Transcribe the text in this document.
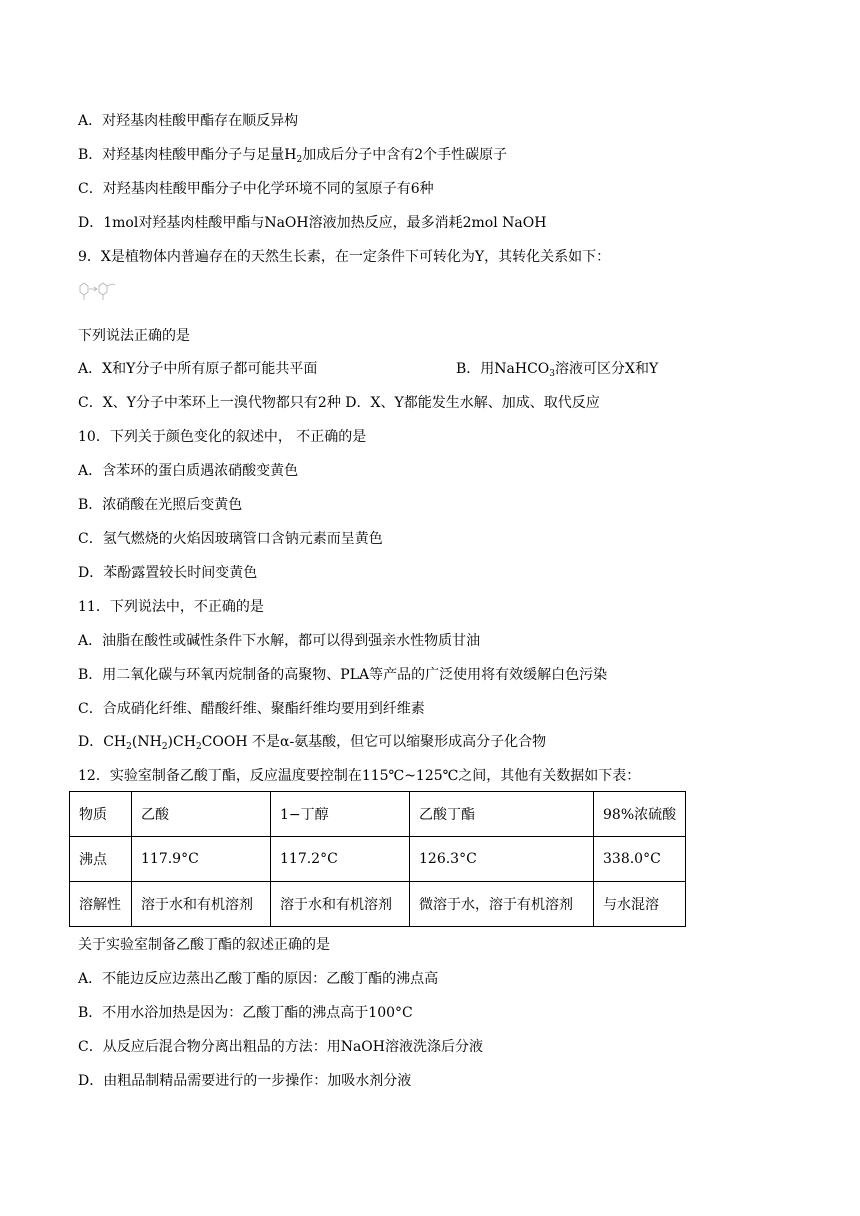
A．对羟基肉桂酸甲酯存在顺反异构
B．对羟基肉桂酸甲酯分子与足量$H_2$加成后分子中含有2个手性碳原子
C．对羟基肉桂酸甲酯分子中化学环境不同的氢原子有6种
D．1mol对羟基肉桂酸甲酯与NaOH溶液加热反应，最多消耗2mol NaOH
9．X是植物体内普遍存在的天然生长素，在一定条件下可转化为Y，其转化关系如下：
下列说法正确的是
A．X和Y分子中所有原子都可能共平面	B．用NaHCO$_3$溶液可区分X和Y
C．X、Y分子中苯环上一溴代物都只有2种 D．X、Y都能发生水解、加成、取代反应
10．下列关于颜色变化的叙述中， 不正确的是
A．含苯环的蛋白质遇浓硝酸变黄色
B．浓硝酸在光照后变黄色
C．氢气燃烧的火焰因玻璃管口含钠元素而呈黄色
D．苯酚露置较长时间变黄色
11．下列说法中，不正确的是
A．油脂在酸性或碱性条件下水解，都可以得到强亲水性物质甘油
B．用二氧化碳与环氧丙烷制备的高聚物、PLA等产品的广泛使用将有效缓解白色污染
C．合成硝化纤维、醋酸纤维、聚酯纤维均要用到纤维素
D．$CH_2(NH_2)CH_2COOH$ 不是α-氨基酸，但它可以缩聚形成高分子化合物
12．实验室制备乙酸丁酯，反应温度要控制在115℃~125℃之间，其他有关数据如下表：
物质	乙酸	1−丁醇	乙酸丁酯	98%浓硫酸
沸点	117.9°C	117.2°C	126.3°C	338.0°C
溶解性	溶于水和有机溶剂	溶于水和有机溶剂	微溶于水，溶于有机溶剂	与水混溶
关于实验室制备乙酸丁酯的叙述正确的是
A．不能边反应边蒸出乙酸丁酯的原因：乙酸丁酯的沸点高
B．不用水浴加热是因为：乙酸丁酯的沸点高于100°C
C．从反应后混合物分离出粗品的方法：用NaOH溶液洗涤后分液
D．由粗品制精品需要进行的一步操作：加吸水剂分液
